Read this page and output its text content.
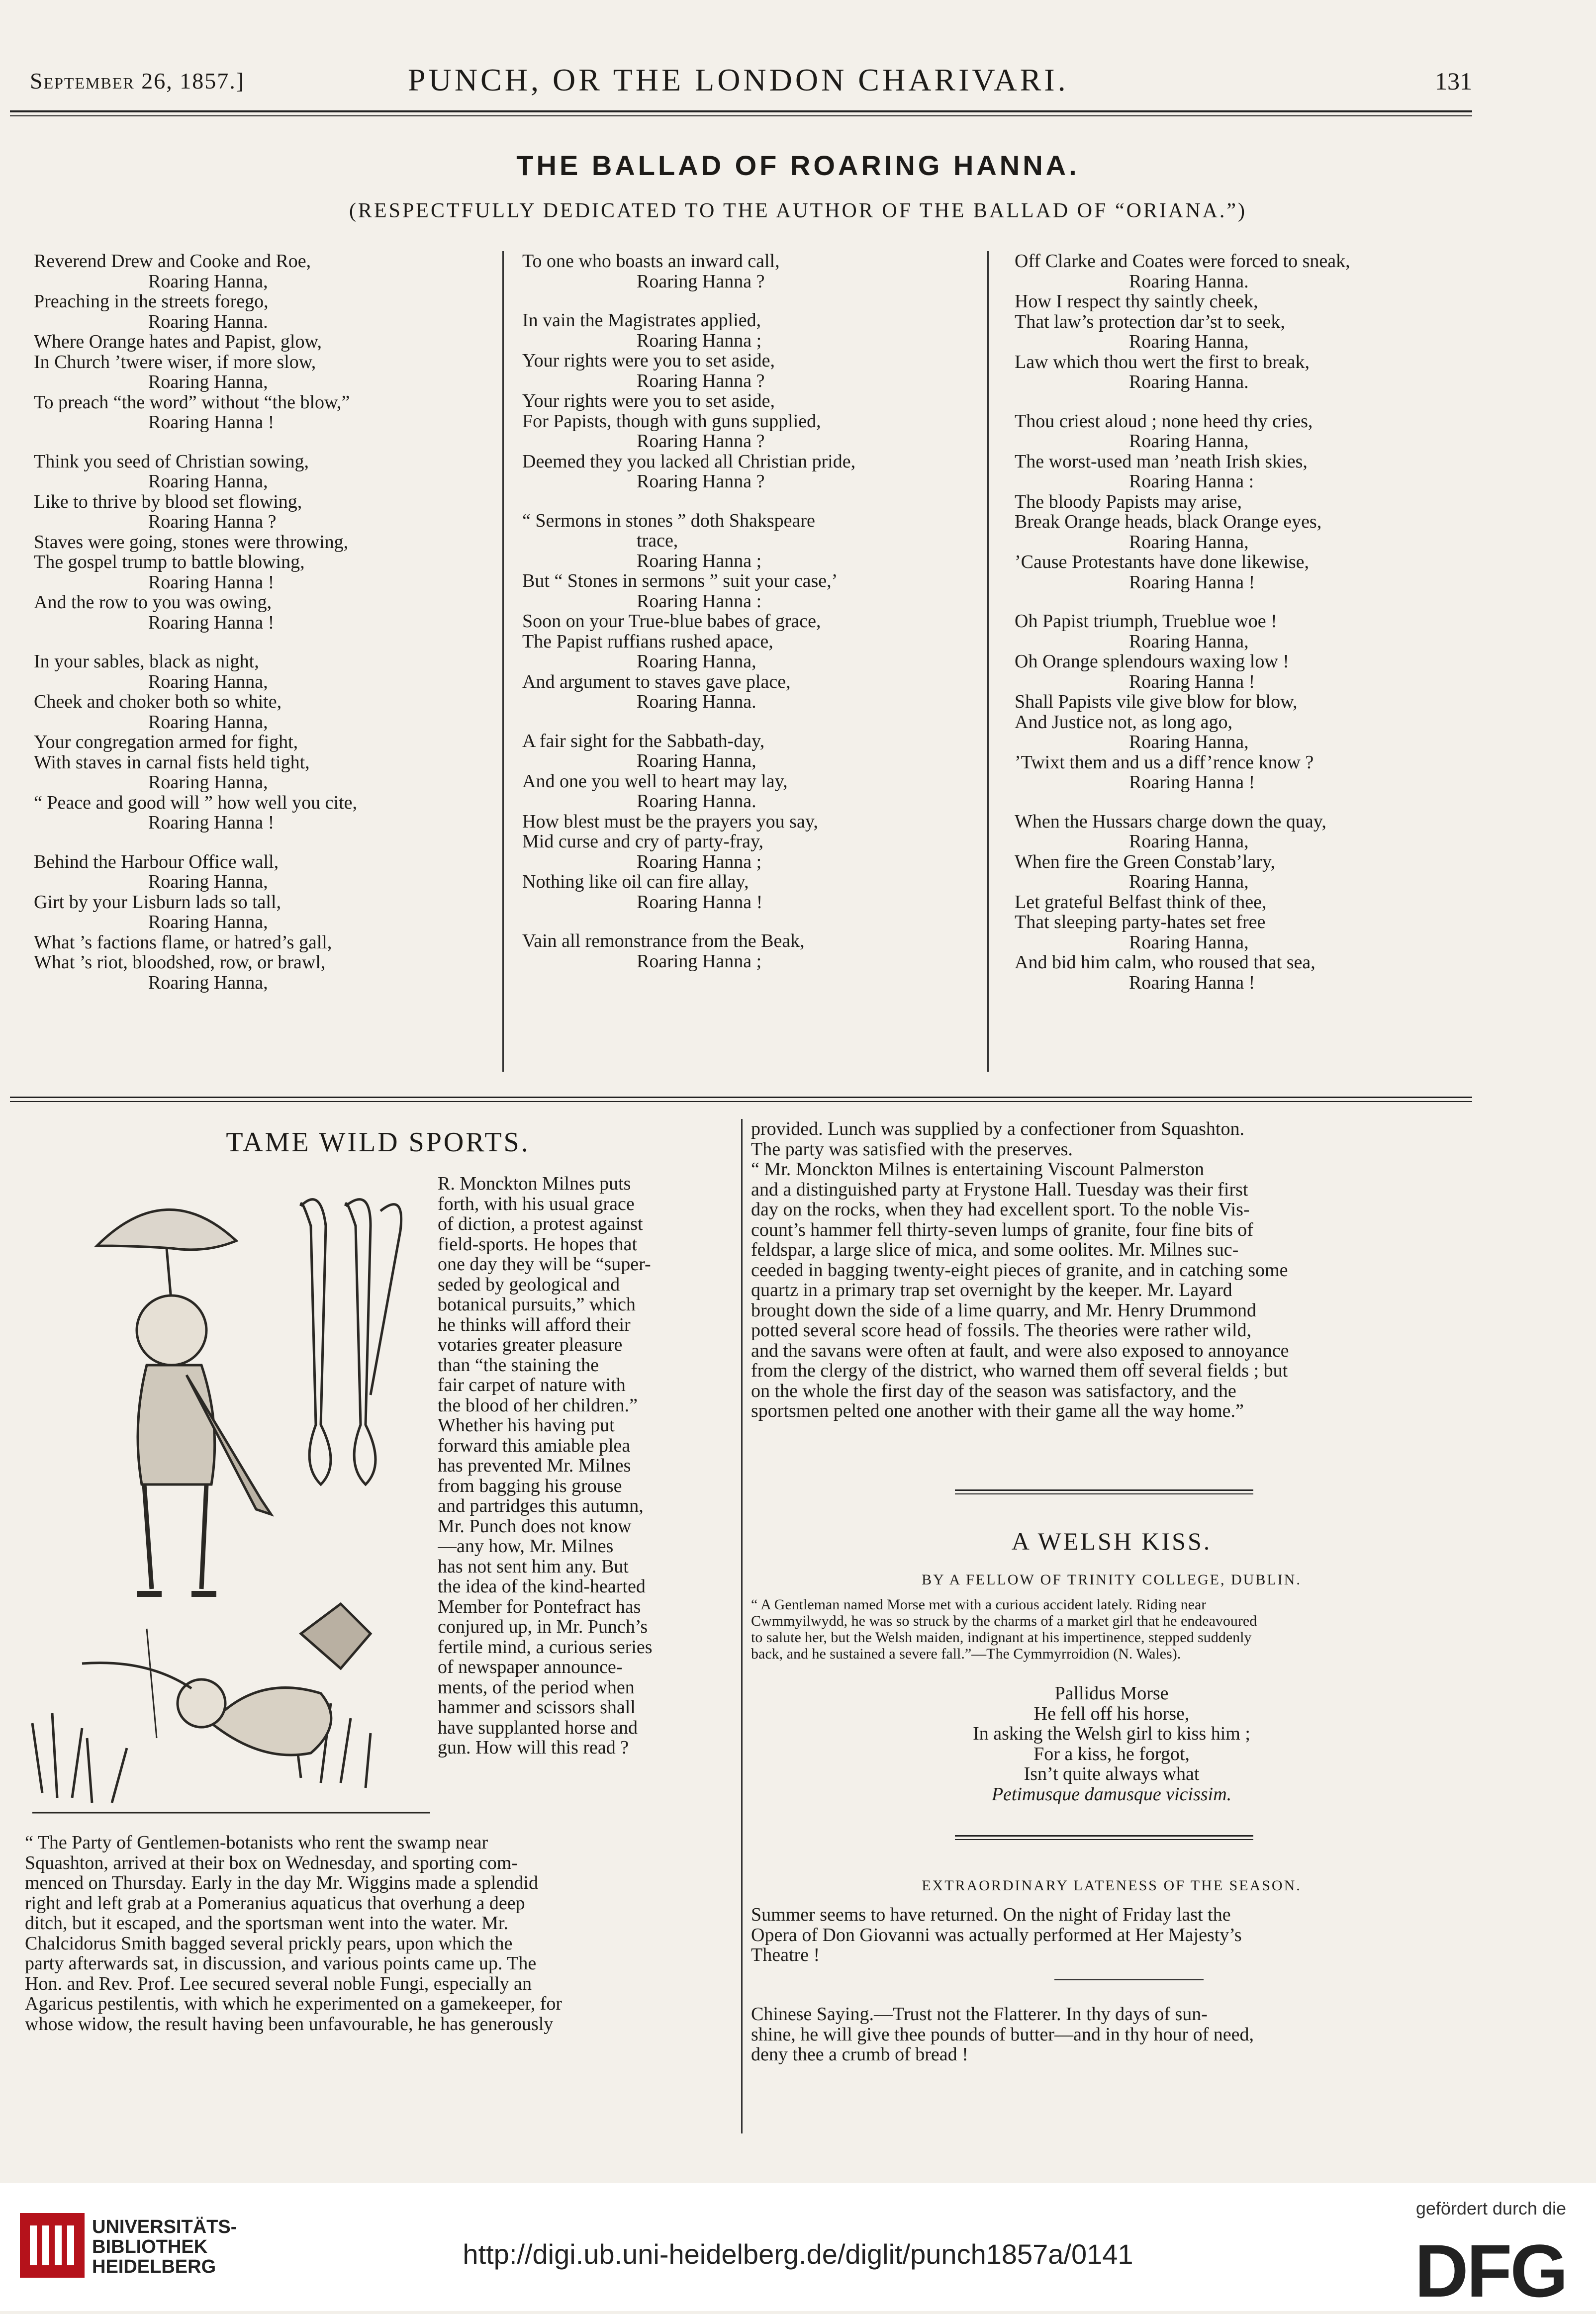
September 26, 1857.]	PUNCH, OR THE LONDON CHARIVARI.	131
THE BALLAD OF ROARING HANNA.
(RESPECTFULLY DEDICATED TO THE AUTHOR OF THE BALLAD OF “ORIANA.”)
Reverend Drew and Cooke and Roe,
Roaring Hanna,
Preaching in the streets forego,
Roaring Hanna.
Where Orange hates and Papist, glow,
In Church ’twere wiser, if more slow,
Roaring Hanna,
To preach “the word” without “the blow,”
Roaring Hanna !
Think you seed of Christian sowing,
Roaring Hanna,
Like to thrive by blood set flowing,
Roaring Hanna ?
Staves were going, stones were throwing,
The gospel trump to battle blowing,
Roaring Hanna !
And the row to you was owing,
Roaring Hanna !
In your sables, black as night,
Roaring Hanna,
Cheek and choker both so white,
Roaring Hanna,
Your congregation armed for fight,
With staves in carnal fists held tight,
Roaring Hanna,
“ Peace and good will ” how well you cite,
Roaring Hanna !
Behind the Harbour Office wall,
Roaring Hanna,
Girt by your Lisburn lads so tall,
Roaring Hanna,
What ’s factions flame, or hatred’s gall,
What ’s riot, bloodshed, row, or brawl,
Roaring Hanna,
To one who boasts an inward call,
Roaring Hanna ?
In vain the Magistrates applied,
Roaring Hanna ;
Your rights were you to set aside,
Roaring Hanna ?
Your rights were you to set aside,
For Papists, though with guns supplied,
Roaring Hanna ?
Deemed they you lacked all Christian pride,
Roaring Hanna ?
“ Sermons in stones ” doth Shakspeare
trace,
Roaring Hanna ;
But “ Stones in sermons ” suit your case,’
Roaring Hanna :
Soon on your True-blue babes of grace,
The Papist ruffians rushed apace,
Roaring Hanna,
And argument to staves gave place,
Roaring Hanna.
A fair sight for the Sabbath-day,
Roaring Hanna,
And one you well to heart may lay,
Roaring Hanna.
How blest must be the prayers you say,
Mid curse and cry of party-fray,
Roaring Hanna ;
Nothing like oil can fire allay,
Roaring Hanna !
Vain all remonstrance from the Beak,
Roaring Hanna ;
Off Clarke and Coates were forced to sneak,
Roaring Hanna.
How I respect thy saintly cheek,
That law’s protection dar’st to seek,
Roaring Hanna,
Law which thou wert the first to break,
Roaring Hanna.
Thou criest aloud ; none heed thy cries,
Roaring Hanna,
The worst-used man ’neath Irish skies,
Roaring Hanna :
The bloody Papists may arise,
Break Orange heads, black Orange eyes,
Roaring Hanna,
’Cause Protestants have done likewise,
Roaring Hanna !
Oh Papist triumph, Trueblue woe !
Roaring Hanna,
Oh Orange splendours waxing low !
Roaring Hanna !
Shall Papists vile give blow for blow,
And Justice not, as long ago,
Roaring Hanna,
’Twixt them and us a diff’rence know ?
Roaring Hanna !
When the Hussars charge down the quay,
Roaring Hanna,
When fire the Green Constab’lary,
Roaring Hanna,
Let grateful Belfast think of thee,
That sleeping party-hates set free
Roaring Hanna,
And bid him calm, who roused that sea,
Roaring Hanna !
TAME WILD SPORTS.
R. Monckton Milnes puts
forth, with his usual grace
of diction, a protest against
field-sports. He hopes that
one day they will be “super-
seded by geological and
botanical pursuits,” which
he thinks will afford their
votaries greater pleasure
than “the staining the
fair carpet of nature with
the blood of her children.”
Whether his having put
forward this amiable plea
has prevented Mr. Milnes
from bagging his grouse
and partridges this autumn,
Mr. Punch does not know
—any how, Mr. Milnes
has not sent him any. But
the idea of the kind-hearted
Member for Pontefract has
conjured up, in Mr. Punch’s
fertile mind, a curious series
of newspaper announce-
ments, of the period when
hammer and scissors shall
have supplanted horse and
gun. How will this read ?
“ The Party of Gentlemen-botanists who rent the swamp near
Squashton, arrived at their box on Wednesday, and sporting com-
menced on Thursday. Early in the day Mr. Wiggins made a splendid
right and left grab at a Pomeranius aquaticus that overhung a deep
ditch, but it escaped, and the sportsman went into the water. Mr.
Chalcidorus Smith bagged several prickly pears, upon which the
party afterwards sat, in discussion, and various points came up. The
Hon. and Rev. Prof. Lee secured several noble Fungi, especially an
Agaricus pestilentis, with which he experimented on a gamekeeper, for
whose widow, the result having been unfavourable, he has generously
provided. Lunch was supplied by a confectioner from Squashton.
The party was satisfied with the preserves.
“ Mr. Monckton Milnes is entertaining Viscount Palmerston
and a distinguished party at Frystone Hall. Tuesday was their first
day on the rocks, when they had excellent sport. To the noble Vis-
count’s hammer fell thirty-seven lumps of granite, four fine bits of
feldspar, a large slice of mica, and some oolites. Mr. Milnes suc-
ceeded in bagging twenty-eight pieces of granite, and in catching some
quartz in a primary trap set overnight by the keeper. Mr. Layard
brought down the side of a lime quarry, and Mr. Henry Drummond
potted several score head of fossils. The theories were rather wild,
and the savans were often at fault, and were also exposed to annoyance
from the clergy of the district, who warned them off several fields ; but
on the whole the first day of the season was satisfactory, and the
sportsmen pelted one another with their game all the way home.”
A WELSH KISS.
BY A FELLOW OF TRINITY COLLEGE, DUBLIN.
“ A Gentleman named Morse met with a curious accident lately. Riding near
Cwmmyilwydd, he was so struck by the charms of a market girl that he endeavoured
to salute her, but the Welsh maiden, indignant at his impertinence, stepped suddenly
back, and he sustained a severe fall.”—The Cymmyrroidion (N. Wales).
Pallidus Morse
He fell off his horse,
In asking the Welsh girl to kiss him ;
For a kiss, he forgot,
Isn’t quite always what
Petimusque damusque vicissim.
EXTRAORDINARY LATENESS OF THE SEASON.
Summer seems to have returned. On the night of Friday last the
Opera of Don Giovanni was actually performed at Her Majesty’s
Theatre !
Chinese Saying.—Trust not the Flatterer. In thy days of sun-
shine, he will give thee pounds of butter—and in thy hour of need,
deny thee a crumb of bread !
UNIVERSITÄTS-
BIBLIOTHEK
HEIDELBERG	http://digi.ub.uni-heidelberg.de/diglit/punch1857a/0141
gefördert durch die
DFG
